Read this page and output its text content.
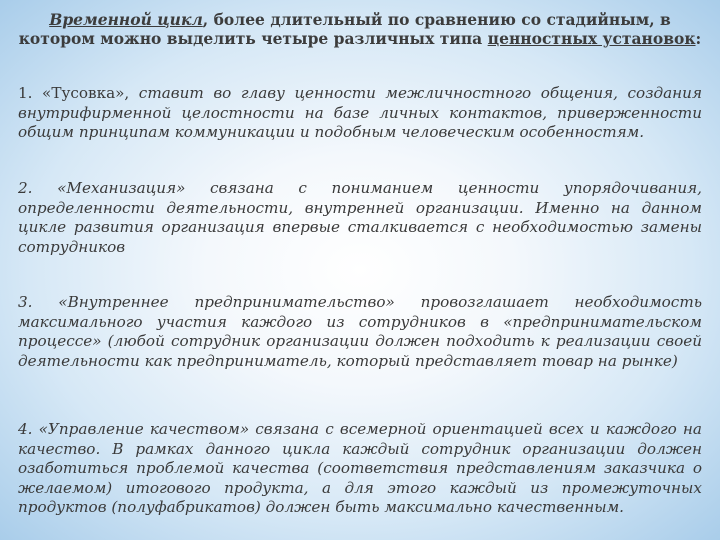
Временной цикл, более длительный по сравнению со стадийным, в котором можно выделить четыре различных типа ценностных установок:
1. «Тусовка», ставит во главу ценности межличностного общения, создания внутрифирменной целостности на базе личных контактов, приверженности общим принципам коммуникации и подобным человеческим особенностям.
2. «Механизация» связана с пониманием ценности упорядочивания, определенности деятельности, внутренней организации. Именно на данном цикле развития организация впервые сталкивается с необходимостью замены сотрудников
3. «Внутреннее предпринимательство» провозглашает необходимость максимального участия каждого из сотрудников в «предпринимательском процессе» (любой сотрудник организации должен подходить к реализации своей деятельности как предприниматель, который представляет товар на рынке)
4. «Управление качеством» связана с всемерной ориентацией всех и каждого на качество. В рамках данного цикла каждый сотрудник организации должен озаботиться проблемой качества (соответствия представлениям заказчика о желаемом) итогового продукта, а для этого каждый из промежуточных продуктов (полуфабрикатов) должен быть максимально качественным.
